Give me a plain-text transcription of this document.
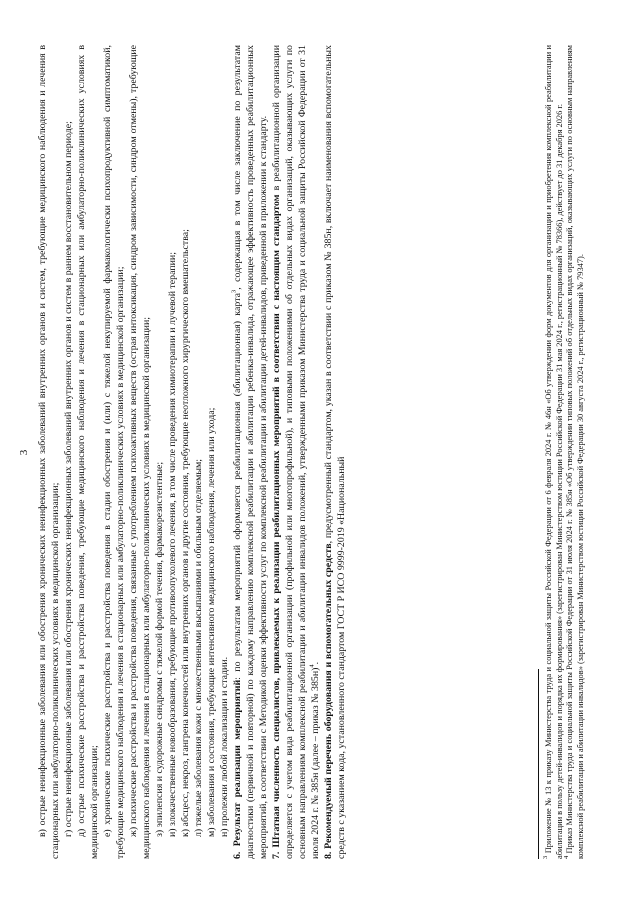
3 в) острые неинфекционные заболевания или обострения хронических неинфекционных заболеваний внутренних органов и систем, требующие медицинского наблюдения и лечения в стационарных или амбулаторно-поликлинических условиях в медицинской организации; г) острые неинфекционные заболевания или обострения хронических неинфекционных заболеваний внутренних органов и систем в раннем восстановительном периоде; д) острые психические расстройства и расстройства поведения, требующие медицинского наблюдения и лечения в стационарных или амбулаторно-поликлинических условиях в медицинской организации; е) хронические психические расстройства и расстройства поведения в стадии обострения и (или) с тяжелой некупируемой фармакологически психопродуктивной симптоматикой, требующие медицинского наблюдения и лечения в стационарных или амбулаторно-поликлинических условиях в медицинской организации; ж) психические расстройства и расстройства поведения, связанные с употреблением психоактивных веществ (острая интоксикация, синдром зависимости, синдром отмены), требующие медицинского наблюдения и лечения в стационарных или амбулаторно-поликлинических условиях в медицинской организации; з) эпилепсия и судорожные синдромы с тяжелой формой течения, фармакорезистентные; и) злокачественные новообразования, требующие противоопухолевого лечения, в том числе проведения химиотерапии и лучевой терапии; к) абсцесс, некроз, гангрена конечностей или внутренних органов и другие состояния, требующие неотложного хирургического вмешательства; л) тяжелые заболевания кожи с множественными высыпаниями и обильным отделяемым; м) заболевания и состояния, требующие интенсивного медицинского наблюдения, лечения или ухода; н) пролежни любой локализации и стадии. 6. Результат реализации мероприятий: по результатам мероприятий оформляется реабилитационная (абилитационная) карта$^3$, содержащая в том числе заключение по результатам диагностики (первичной и повторной) по каждому направлению комплексной реабилитации и абилитации ребенка-инвалида, отражающее эффективность проведенных реабилитационных мероприятий, в соответствии с Методикой оценки эффективности услуг по комплексной реабилитации и абилитации детей-инвалидов, приведенной в приложении к стандарту. 7. Штатная численность специалистов, привлекаемых к реализации реабилитационных мероприятий в соответствии с настоящим стандартом в реабилитационной организации определяется с учетом вида реабилитационной организации (профильной или многопрофильной), и типовыми положениями об отдельных видах организаций, оказывающих услуги по основным направлениям комплексной реабилитации и абилитации инвалидов положений, утвержденными приказом Министерства труда и социальной защиты Российской Федерации от 31 июля 2024 г. № 385н (далее – приказ № 385н)$^4$. 8. Рекомендуемый перечень оборудования и вспомогательных средств, предусмотренный стандартом, указан в соответствии с приказом № 385н, включает наименования вспомогательных средств с указанием кода, установленного стандартом ГОСТ Р ИСО 9999-2019 «Национальный	$^3$ Приложение № 13 к приказу Министерства труда и социальной защиты Российской Федерации от 6 февраля 2024 г. № 46н «Об утверждении форм документов для организации и приобретения комплексной реабилитации и абилитации в пользу детей-инвалидов и порядка их формирования» (зарегистрирован Министерством юстиции Российской Федерации 31 мая 2024 г., регистрационный № 78366), действует до 31 декабря 2026 г. $^4$ Приказ Министерства труда и социальной защиты Российской Федерации от 31 июля 2024 г. № 385н «Об утверждении типовых положений об отдельных видах организаций, оказывающих услуги по основным направлениям комплексной реабилитации и абилитации инвалидов» (зарегистрирован Министерством юстиции Российской Федерации 30 августа 2024 г., регистрационный № 79347).
